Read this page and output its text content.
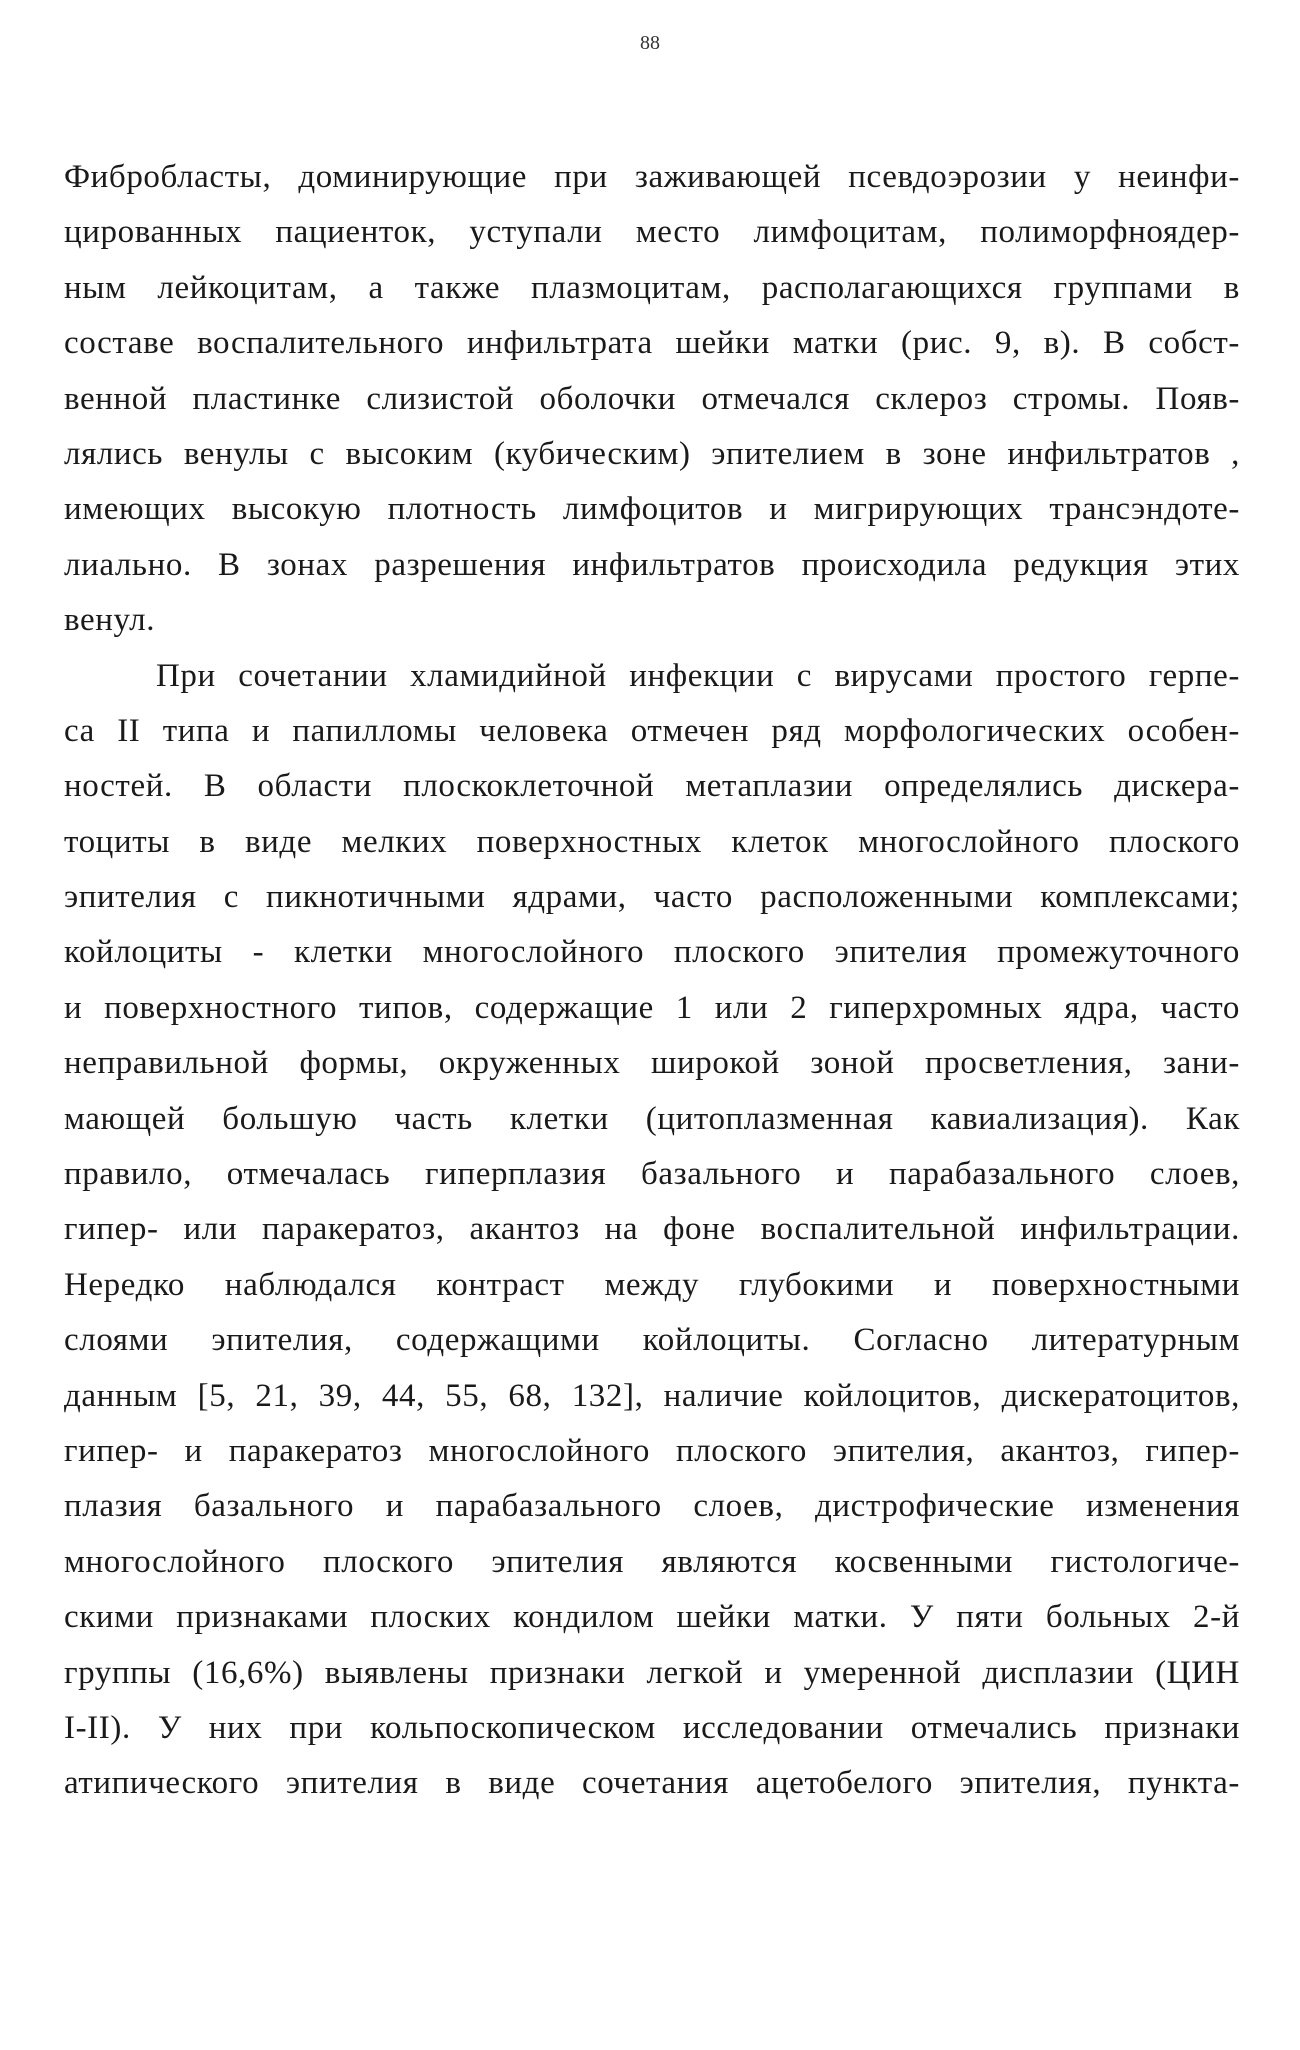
88
Фибробласты, доминирующие при заживающей псевдоэрозии у неинфи-
цированных пациенток, уступали место лимфоцитам, полиморфноядер-
ным лейкоцитам, а также плазмоцитам, располагающихся группами в
составе воспалительного инфильтрата шейки матки (рис. 9, в). В собст-
венной пластинке слизистой оболочки отмечался склероз стромы. Появ-
лялись венулы с высоким (кубическим) эпителием в зоне инфильтратов ,
имеющих высокую плотность лимфоцитов и мигрирующих трансэндоте-
лиально. В зонах разрешения инфильтратов происходила редукция этих
венул.
При сочетании хламидийной инфекции с вирусами простого герпе-
са II типа и папилломы человека отмечен ряд морфологических особен-
ностей. В области плоскоклеточной метаплазии определялись дискера-
тоциты в виде мелких поверхностных клеток многослойного плоского
эпителия с пикнотичными ядрами, часто расположенными комплексами;
койлоциты - клетки многослойного плоского эпителия промежуточного
и поверхностного типов, содержащие 1 или 2 гиперхромных ядра, часто
неправильной формы, окруженных широкой зоной просветления, зани-
мающей большую часть клетки (цитоплазменная кавиализация). Как
правило, отмечалась гиперплазия базального и парабазального слоев,
гипер- или паракератоз, акантоз на фоне воспалительной инфильтрации.
Нередко наблюдался контраст между глубокими и поверхностными
слоями эпителия, содержащими койлоциты. Согласно литературным
данным [5, 21, 39, 44, 55, 68, 132], наличие койлоцитов, дискератоцитов,
гипер- и паракератоз многослойного плоского эпителия, акантоз, гипер-
плазия базального и парабазального слоев, дистрофические изменения
многослойного плоского эпителия являются косвенными гистологиче-
скими признаками плоских кондилом шейки матки. У пяти больных 2-й
группы (16,6%) выявлены признаки легкой и умеренной дисплазии (ЦИН
I-II). У них при кольпоскопическом исследовании отмечались признаки
атипического эпителия в виде сочетания ацетобелого эпителия, пункта-
